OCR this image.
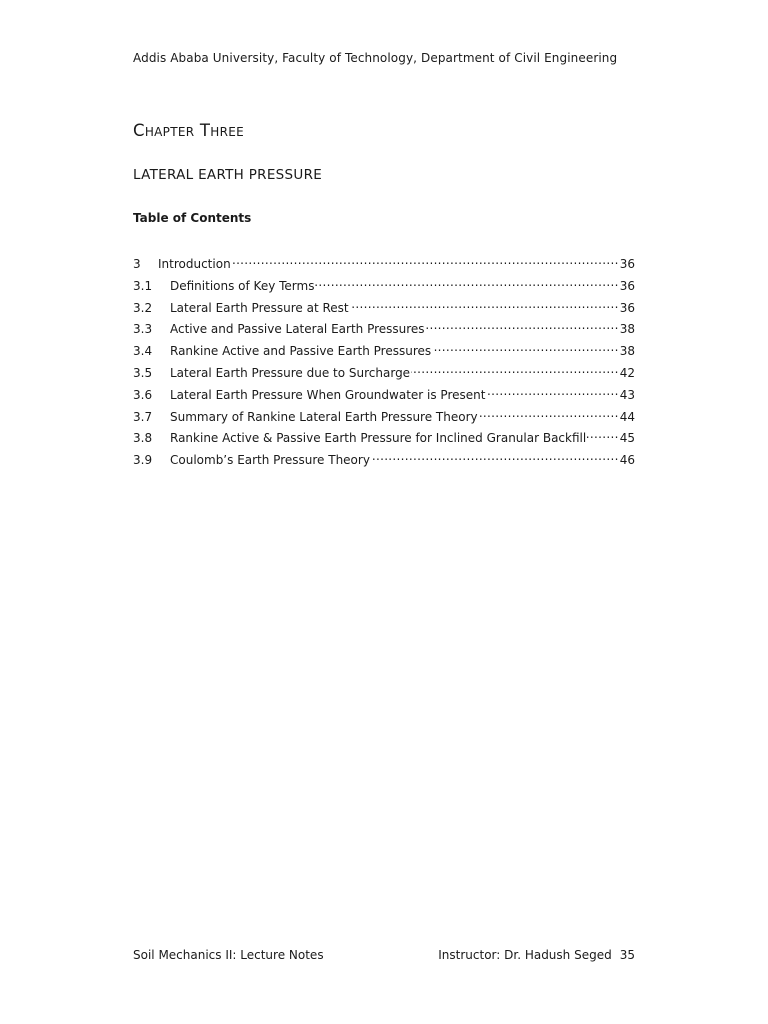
Addis Ababa University, Faculty of Technology, Department of Civil Engineering
Chapter Three
LATERAL EARTH PRESSURE
Table of Contents
3	Introduction .....	36
3.1	Definitions of Key Terms .....	36
3.2	Lateral Earth Pressure at Rest .....	36
3.3	Active and Passive Lateral Earth Pressures .....	38
3.4	Rankine Active and Passive Earth Pressures .....	38
3.5	Lateral Earth Pressure due to Surcharge .....	42
3.6	Lateral Earth Pressure When Groundwater is Present .....	43
3.7	Summary of Rankine Lateral Earth Pressure Theory .....	44
3.8	Rankine Active & Passive Earth Pressure for Inclined Granular Backfill .....	45
3.9	Coulomb’s Earth Pressure Theory .....	46
Soil Mechanics II: Lecture Notes	Instructor: Dr. Hadush Seged 35
